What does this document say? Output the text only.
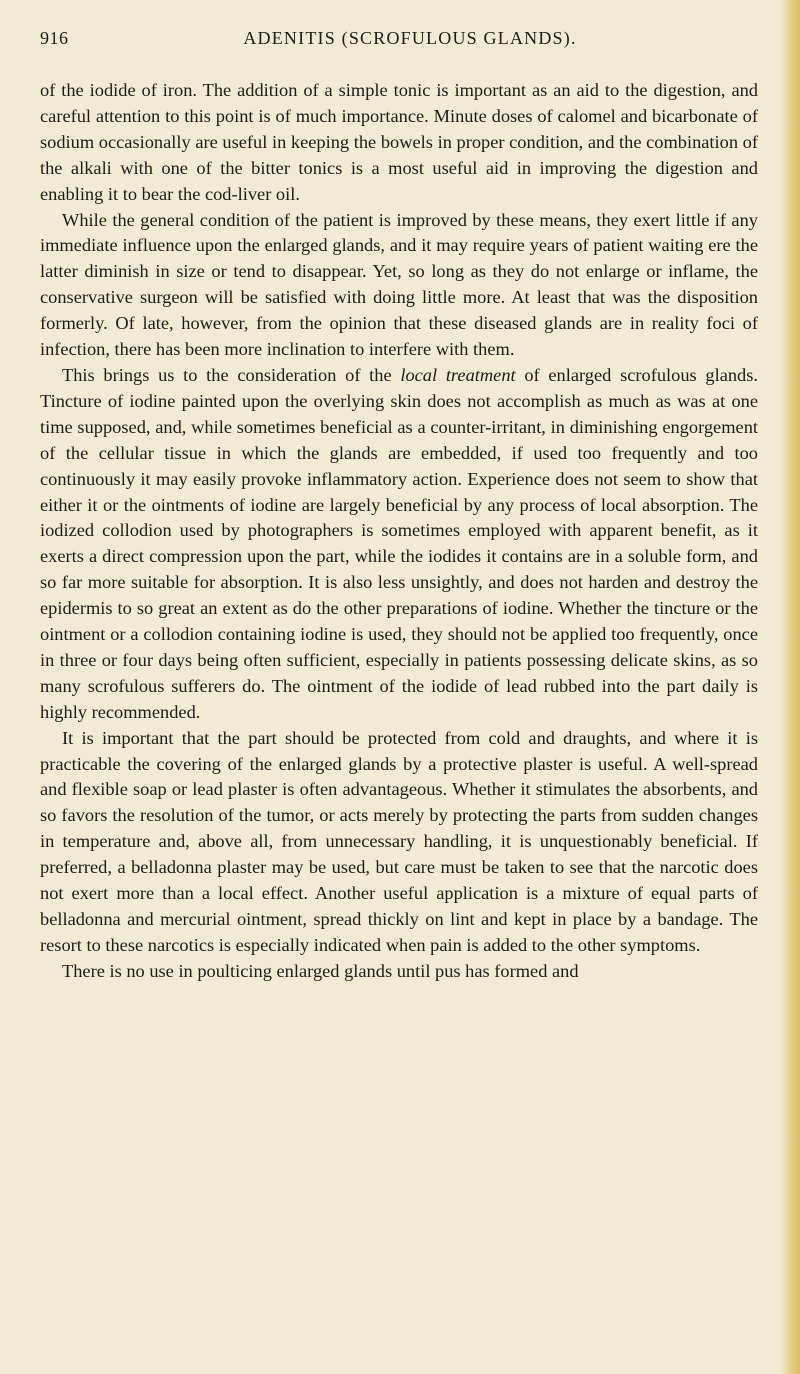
916	ADENITIS (SCROFULOUS GLANDS).

of the iodide of iron. The addition of a simple tonic is important as an aid to the digestion, and careful attention to this point is of much importance. Minute doses of calomel and bicarbonate of sodium occasionally are useful in keeping the bowels in proper condition, and the combination of the alkali with one of the bitter tonics is a most useful aid in improving the digestion and enabling it to bear the cod-liver oil.

While the general condition of the patient is improved by these means, they exert little if any immediate influence upon the enlarged glands, and it may require years of patient waiting ere the latter diminish in size or tend to disappear. Yet, so long as they do not enlarge or inflame, the conservative surgeon will be satisfied with doing little more. At least that was the disposition formerly. Of late, however, from the opinion that these diseased glands are in reality foci of infection, there has been more inclination to interfere with them.

This brings us to the consideration of the local treatment of enlarged scrofulous glands. Tincture of iodine painted upon the overlying skin does not accomplish as much as was at one time supposed, and, while sometimes beneficial as a counter-irritant, in diminishing engorgement of the cellular tissue in which the glands are embedded, if used too frequently and too continuously it may easily provoke inflammatory action. Experience does not seem to show that either it or the ointments of iodine are largely beneficial by any process of local absorption. The iodized collodion used by photographers is sometimes employed with apparent benefit, as it exerts a direct compression upon the part, while the iodides it contains are in a soluble form, and so far more suitable for absorption. It is also less unsightly, and does not harden and destroy the epidermis to so great an extent as do the other preparations of iodine. Whether the tincture or the ointment or a collodion containing iodine is used, they should not be applied too frequently, once in three or four days being often sufficient, especially in patients possessing delicate skins, as so many scrofulous sufferers do. The ointment of the iodide of lead rubbed into the part daily is highly recommended.

It is important that the part should be protected from cold and draughts, and where it is practicable the covering of the enlarged glands by a protective plaster is useful. A well-spread and flexible soap or lead plaster is often advantageous. Whether it stimulates the absorbents, and so favors the resolution of the tumor, or acts merely by protecting the parts from sudden changes in temperature and, above all, from unnecessary handling, it is unquestionably beneficial. If preferred, a belladonna plaster may be used, but care must be taken to see that the narcotic does not exert more than a local effect. Another useful application is a mixture of equal parts of belladonna and mercurial ointment, spread thickly on lint and kept in place by a bandage. The resort to these narcotics is especially indicated when pain is added to the other symptoms.

There is no use in poulticing enlarged glands until pus has formed and
